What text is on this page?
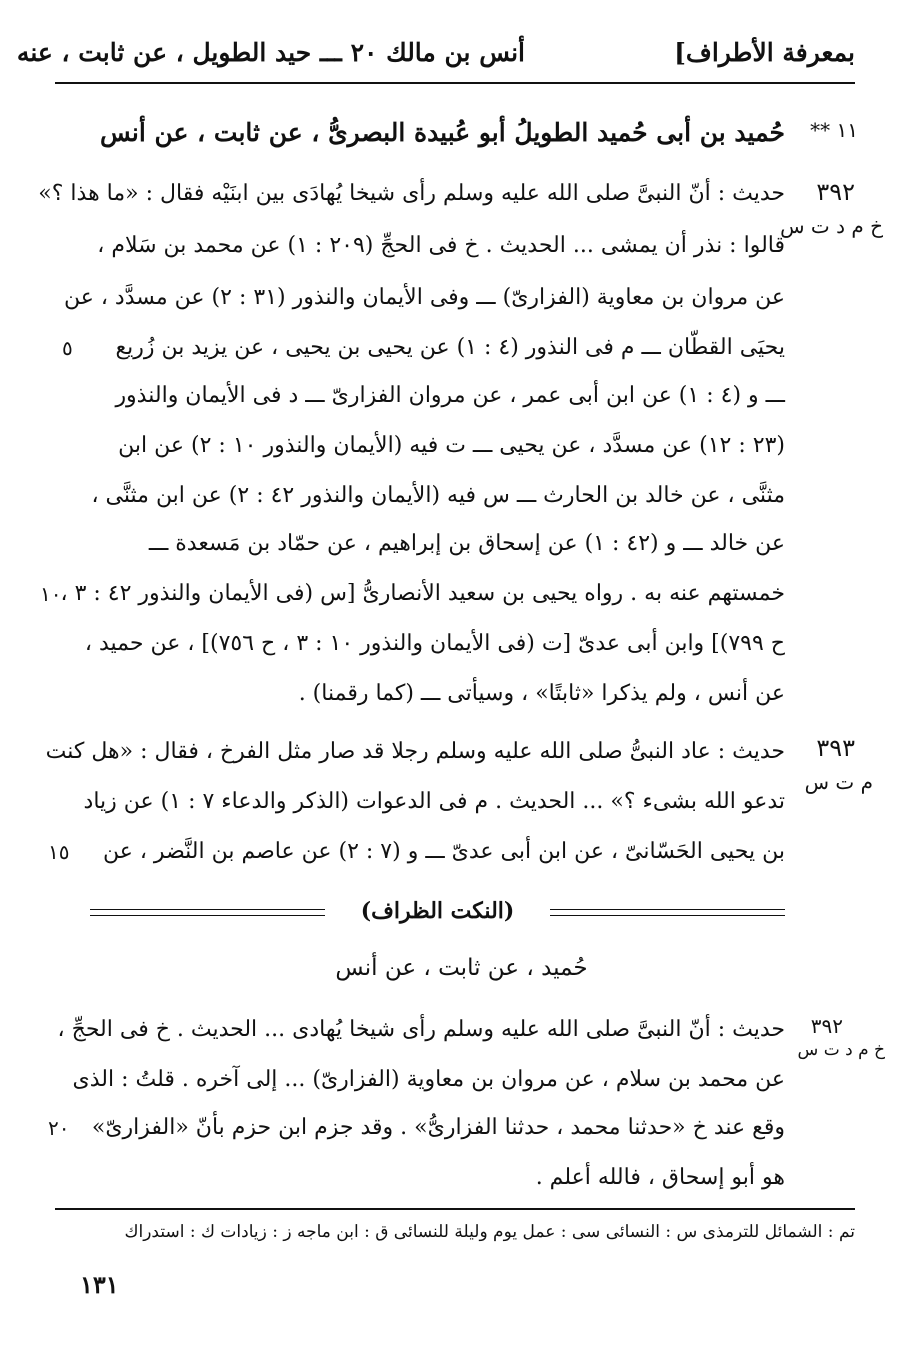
بمعرفة الأطراف]
أنس بن مالك ٢٠ ـــ حيد الطويل ، عن ثابت ، عنه
حُميد بن أبى حُميد الطويلُ أبو عُبيدة البصرىُّ ، عن ثابت ، عن أنس ١١ **
٣٩٢
خ م د ت س
حديث : أنّ النبىَّ صلى الله عليه وسلم رأى شيخا يُهادَى بين ابنَيْه فقال : «ما هذا ؟»
قالوا : نذر أن يمشى ... الحديث . خ فى الحجِّ (٢٠٩ : ١) عن محمد بن سَلام ،
عن مروان بن معاوية (الفزارىّ) ـــ وفى الأيمان والنذور (٣١ : ٢) عن مسدَّد ، عن
يحيَى القطّان ـــ م فى النذور (٤ : ١) عن يحيى بن يحيى ، عن يزيد بن زُريع
ـــ و (٤ : ١) عن ابن أبى عمر ، عن مروان الفزارىّ ـــ د فى الأيمان والنذور
(٢٣ : ١٢) عن مسدَّد ، عن يحيى ـــ ت فيه (الأيمان والنذور ١٠ : ٢) عن ابن
مثنَّى ، عن خالد بن الحارث ـــ س فيه (الأيمان والنذور ٤٢ : ٢) عن ابن مثنَّى ،
عن خالد ـــ و (٤٢ : ١) عن إسحاق بن إبراهيم ، عن حمّاد بن مَسعدة ـــ
خمستهم عنه به . رواه يحيى بن سعيد الأنصارىُّ [س (فى الأيمان والنذور ٤٢ : ٣ ،
ح ٧٩٩)] وابن أبى عدىّ [ت (فى الأيمان والنذور ١٠ : ٣ ، ح ٧٥٦)] ، عن حميد ،
عن أنس ، ولم يذكرا «ثابتًا» ، وسيأتى ـــ (كما رقمنا) .
٥
١٠
٣٩٣
م ت س
حديث : عاد النبىُّ صلى الله عليه وسلم رجلا قد صار مثل الفرخ ، فقال : «هل كنت
تدعو الله بشىء ؟» ... الحديث . م فى الدعوات (الذكر والدعاء ٧ : ١) عن زياد
بن يحيى الحَسّانىّ ، عن ابن أبى عدىّ ـــ و (٧ : ٢) عن عاصم بن النَّضر ، عن
١٥
(النكت الظراف)
حُميد ، عن ثابت ، عن أنس
٣٩٢
خ م د ت س
حديث : أنّ النبىَّ صلى الله عليه وسلم رأى شيخا يُهادى ... الحديث . خ فى الحجِّ ،
عن محمد بن سلام ، عن مروان بن معاوية (الفزارىّ) ... إلى آخره . قلتُ : الذى
وقع عند خ «حدثنا محمد ، حدثنا الفزارىُّ» . وقد جزم ابن حزم بأنّ «الفزارىّ»
هو أبو إسحاق ، فالله أعلم .
٢٠
تم : الشمائل للترمذى س : النسائى سى : عمل يوم وليلة للنسائى ق : ابن ماجه ز : زيادات ك : استدراك
١٣١
